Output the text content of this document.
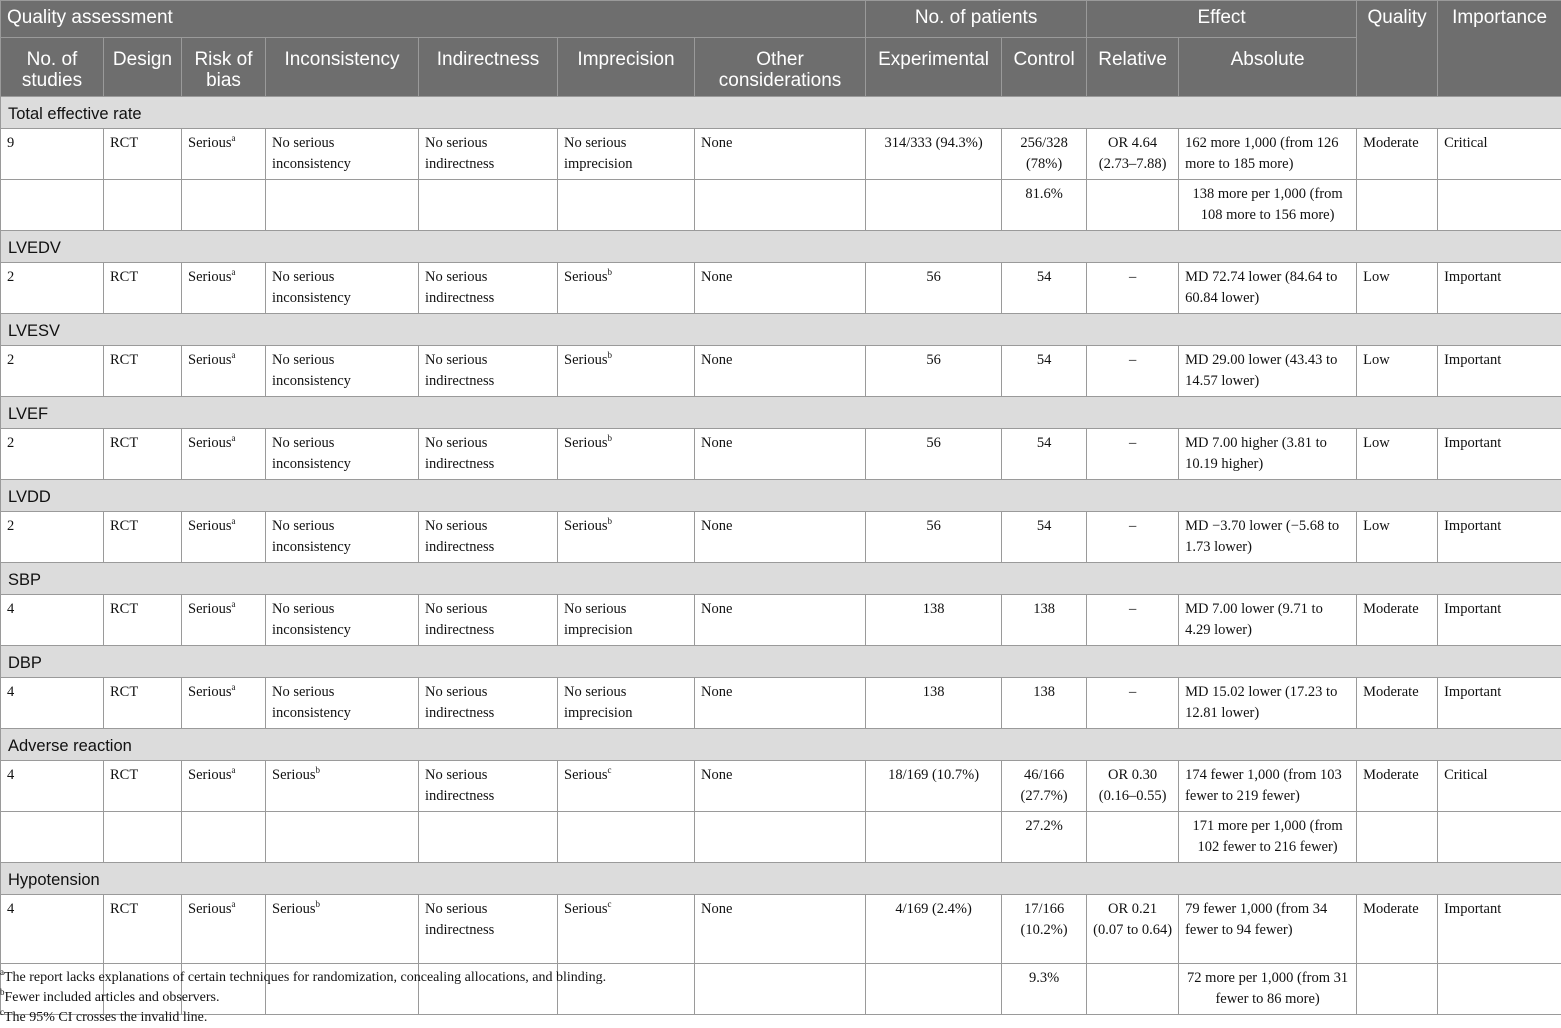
Quality assessment							No. of patients		Effect		Quality	Importance
No. of studies	Design	Risk of bias	Inconsistency	Indirectness	Imprecision	Other considerations	Experimental	Control	Relative	Absolute		
Total effective rate												
9	RCT	Serious$^a$	No serious inconsistency	No serious indirectness	No serious imprecision	None	314/333 (94.3%)	256/328 (78%)	OR 4.64 (2.73–7.88)	162 more 1,000 (from 126 more to 185 more)	Moderate	Critical
								81.6%		138 more per 1,000 (from 108 more to 156 more)		
LVEDV												
2	RCT	Serious$^a$	No serious inconsistency	No serious indirectness	Serious$^b$	None	56	54	–	MD 72.74 lower (84.64 to 60.84 lower)	Low	Important
LVESV												
2	RCT	Serious$^a$	No serious inconsistency	No serious indirectness	Serious$^b$	None	56	54	–	MD 29.00 lower (43.43 to 14.57 lower)	Low	Important
LVEF												
2	RCT	Serious$^a$	No serious inconsistency	No serious indirectness	Serious$^b$	None	56	54	–	MD 7.00 higher (3.81 to 10.19 higher)	Low	Important
LVDD												
2	RCT	Serious$^a$	No serious inconsistency	No serious indirectness	Serious$^b$	None	56	54	–	MD −3.70 lower (−5.68 to 1.73 lower)	Low	Important
SBP												
4	RCT	Serious$^a$	No serious inconsistency	No serious indirectness	No serious imprecision	None	138	138	–	MD 7.00 lower (9.71 to 4.29 lower)	Moderate	Important
DBP												
4	RCT	Serious$^a$	No serious inconsistency	No serious indirectness	No serious imprecision	None	138	138	–	MD 15.02 lower (17.23 to 12.81 lower)	Moderate	Important
Adverse reaction												
4	RCT	Serious$^a$	Serious$^b$	No serious indirectness	Serious$^c$	None	18/169 (10.7%)	46/166 (27.7%)	OR 0.30 (0.16–0.55)	174 fewer 1,000 (from 103 fewer to 219 fewer)	Moderate	Critical
								27.2%		171 more per 1,000 (from 102 fewer to 216 fewer)		
Hypotension												
4	RCT	Serious$^a$	Serious$^b$	No serious indirectness	Serious$^c$	None	4/169 (2.4%)	17/166 (10.2%)	OR 0.21 (0.07 to 0.64)	79 fewer 1,000 (from 34 fewer to 94 fewer)	Moderate	Important
								9.3%		72 more per 1,000 (from 31 fewer to 86 more)		

$^a$The report lacks explanations of certain techniques for randomization, concealing allocations, and blinding.

$^b$Fewer included articles and observers.

$^c$The 95% CI crosses the invalid line.
